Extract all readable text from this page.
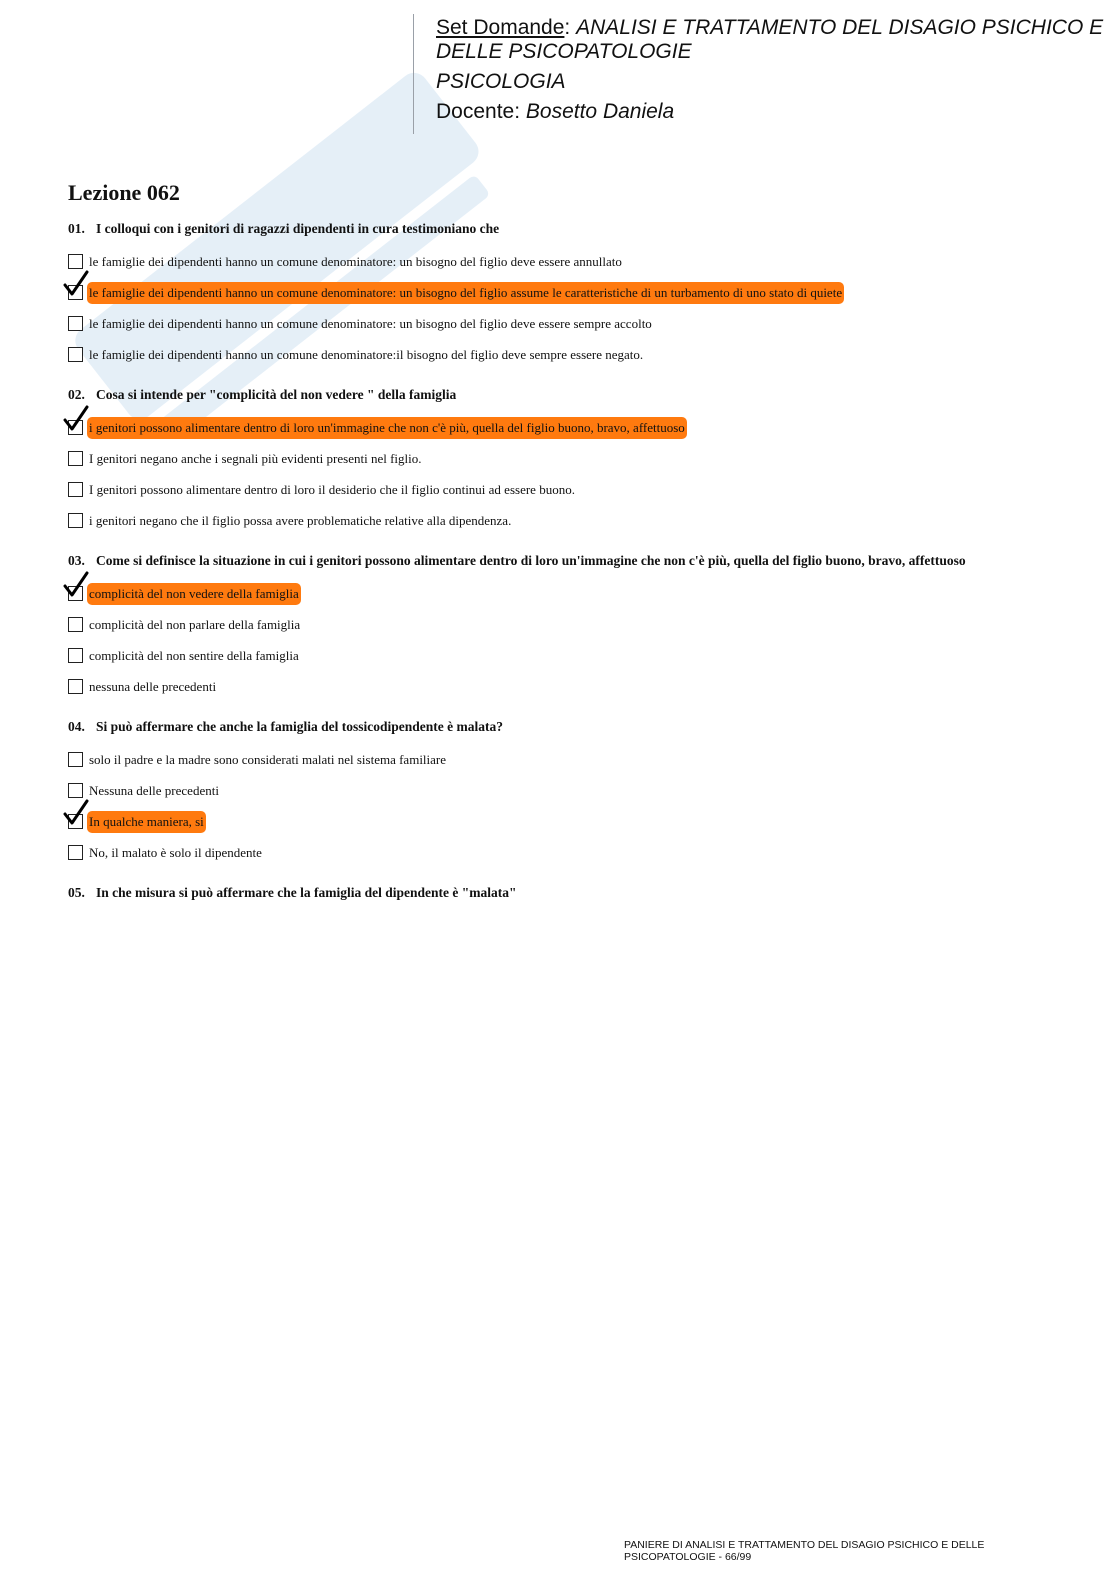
Set Domande: ANALISI E TRATTAMENTO DEL DISAGIO PSICHICO E
DELLE PSICOPATOLOGIE
PSICOLOGIA
Docente: Bosetto Daniela
Lezione 062
01. I colloqui con i genitori di ragazzi dipendenti in cura testimoniano che
le famiglie dei dipendenti hanno un comune denominatore: un bisogno del figlio deve essere annullato
le famiglie dei dipendenti hanno un comune denominatore: un bisogno del figlio assume le caratteristiche di un turbamento di uno stato di quiete
le famiglie dei dipendenti hanno un comune denominatore: un bisogno del figlio deve essere sempre accolto
le famiglie dei dipendenti hanno un comune denominatore:il bisogno del figlio deve sempre essere negato.
02. Cosa si intende per "complicità del non vedere " della famiglia
i genitori possono alimentare dentro di loro un'immagine che non c'è più, quella del figlio buono, bravo, affettuoso
I genitori negano anche i segnali più evidenti presenti nel figlio.
I genitori possono alimentare dentro di loro il desiderio che il figlio continui ad essere buono.
i genitori negano che il figlio possa avere problematiche relative alla dipendenza.
03. Come si definisce la situazione in cui i genitori possono alimentare dentro di loro un'immagine che non c'è più, quella del figlio buono, bravo, affettuoso
complicità del non vedere della famiglia
complicità del non parlare della famiglia
complicità del non sentire della famiglia
nessuna delle precedenti
04. Si può affermare che anche la famiglia del tossicodipendente è malata?
solo il padre e la madre sono considerati malati nel sistema familiare
Nessuna delle precedenti
In qualche maniera, si
No, il malato è solo il dipendente
05. In che misura si può affermare che la famiglia del dipendente è "malata"
PANIERE DI ANALISI E TRATTAMENTO DEL DISAGIO PSICHICO E DELLE
PSICOPATOLOGIE - 66/99
